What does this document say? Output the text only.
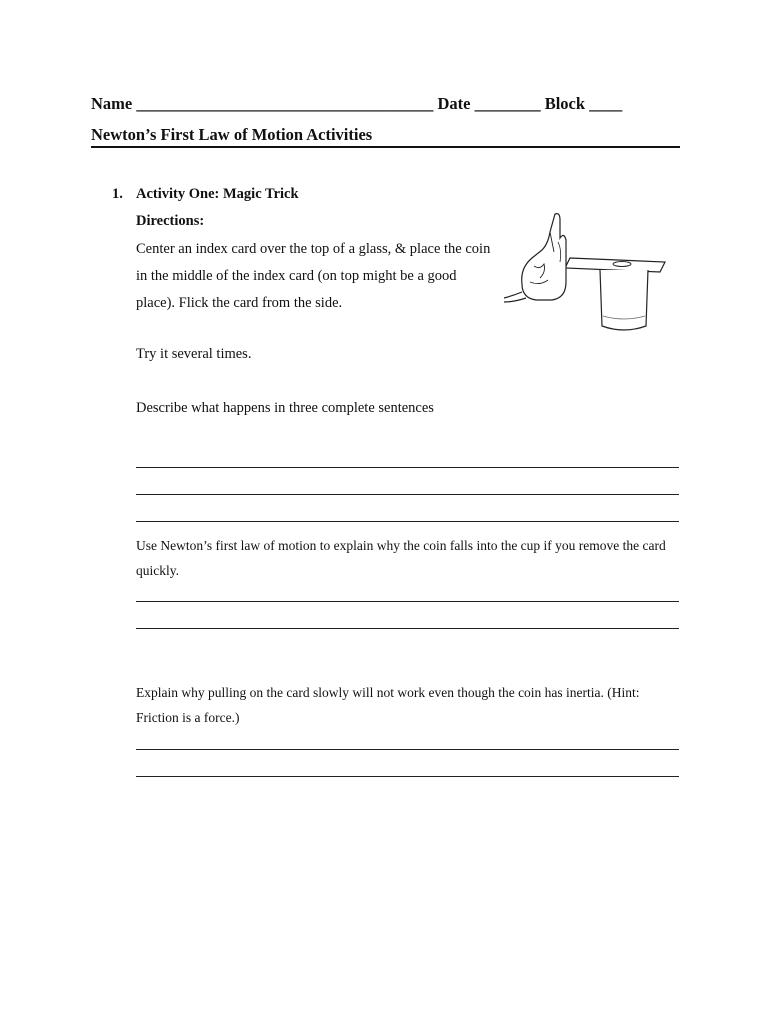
Name ____________________________________ Date ________ Block ____
Newton’s First Law of Motion Activities
1. Activity One: Magic Trick
Directions:
Center an index card over the top of a glass, & place the coin in the middle of the index card (on top might be a good place). Flick the card from the side.
Try it several times.
Describe what happens in three complete sentences
Use Newton’s first law of motion to explain why the coin falls into the cup if you remove the card quickly.
Explain why pulling on the card slowly will not work even though the coin has inertia. (Hint: Friction is a force.)
